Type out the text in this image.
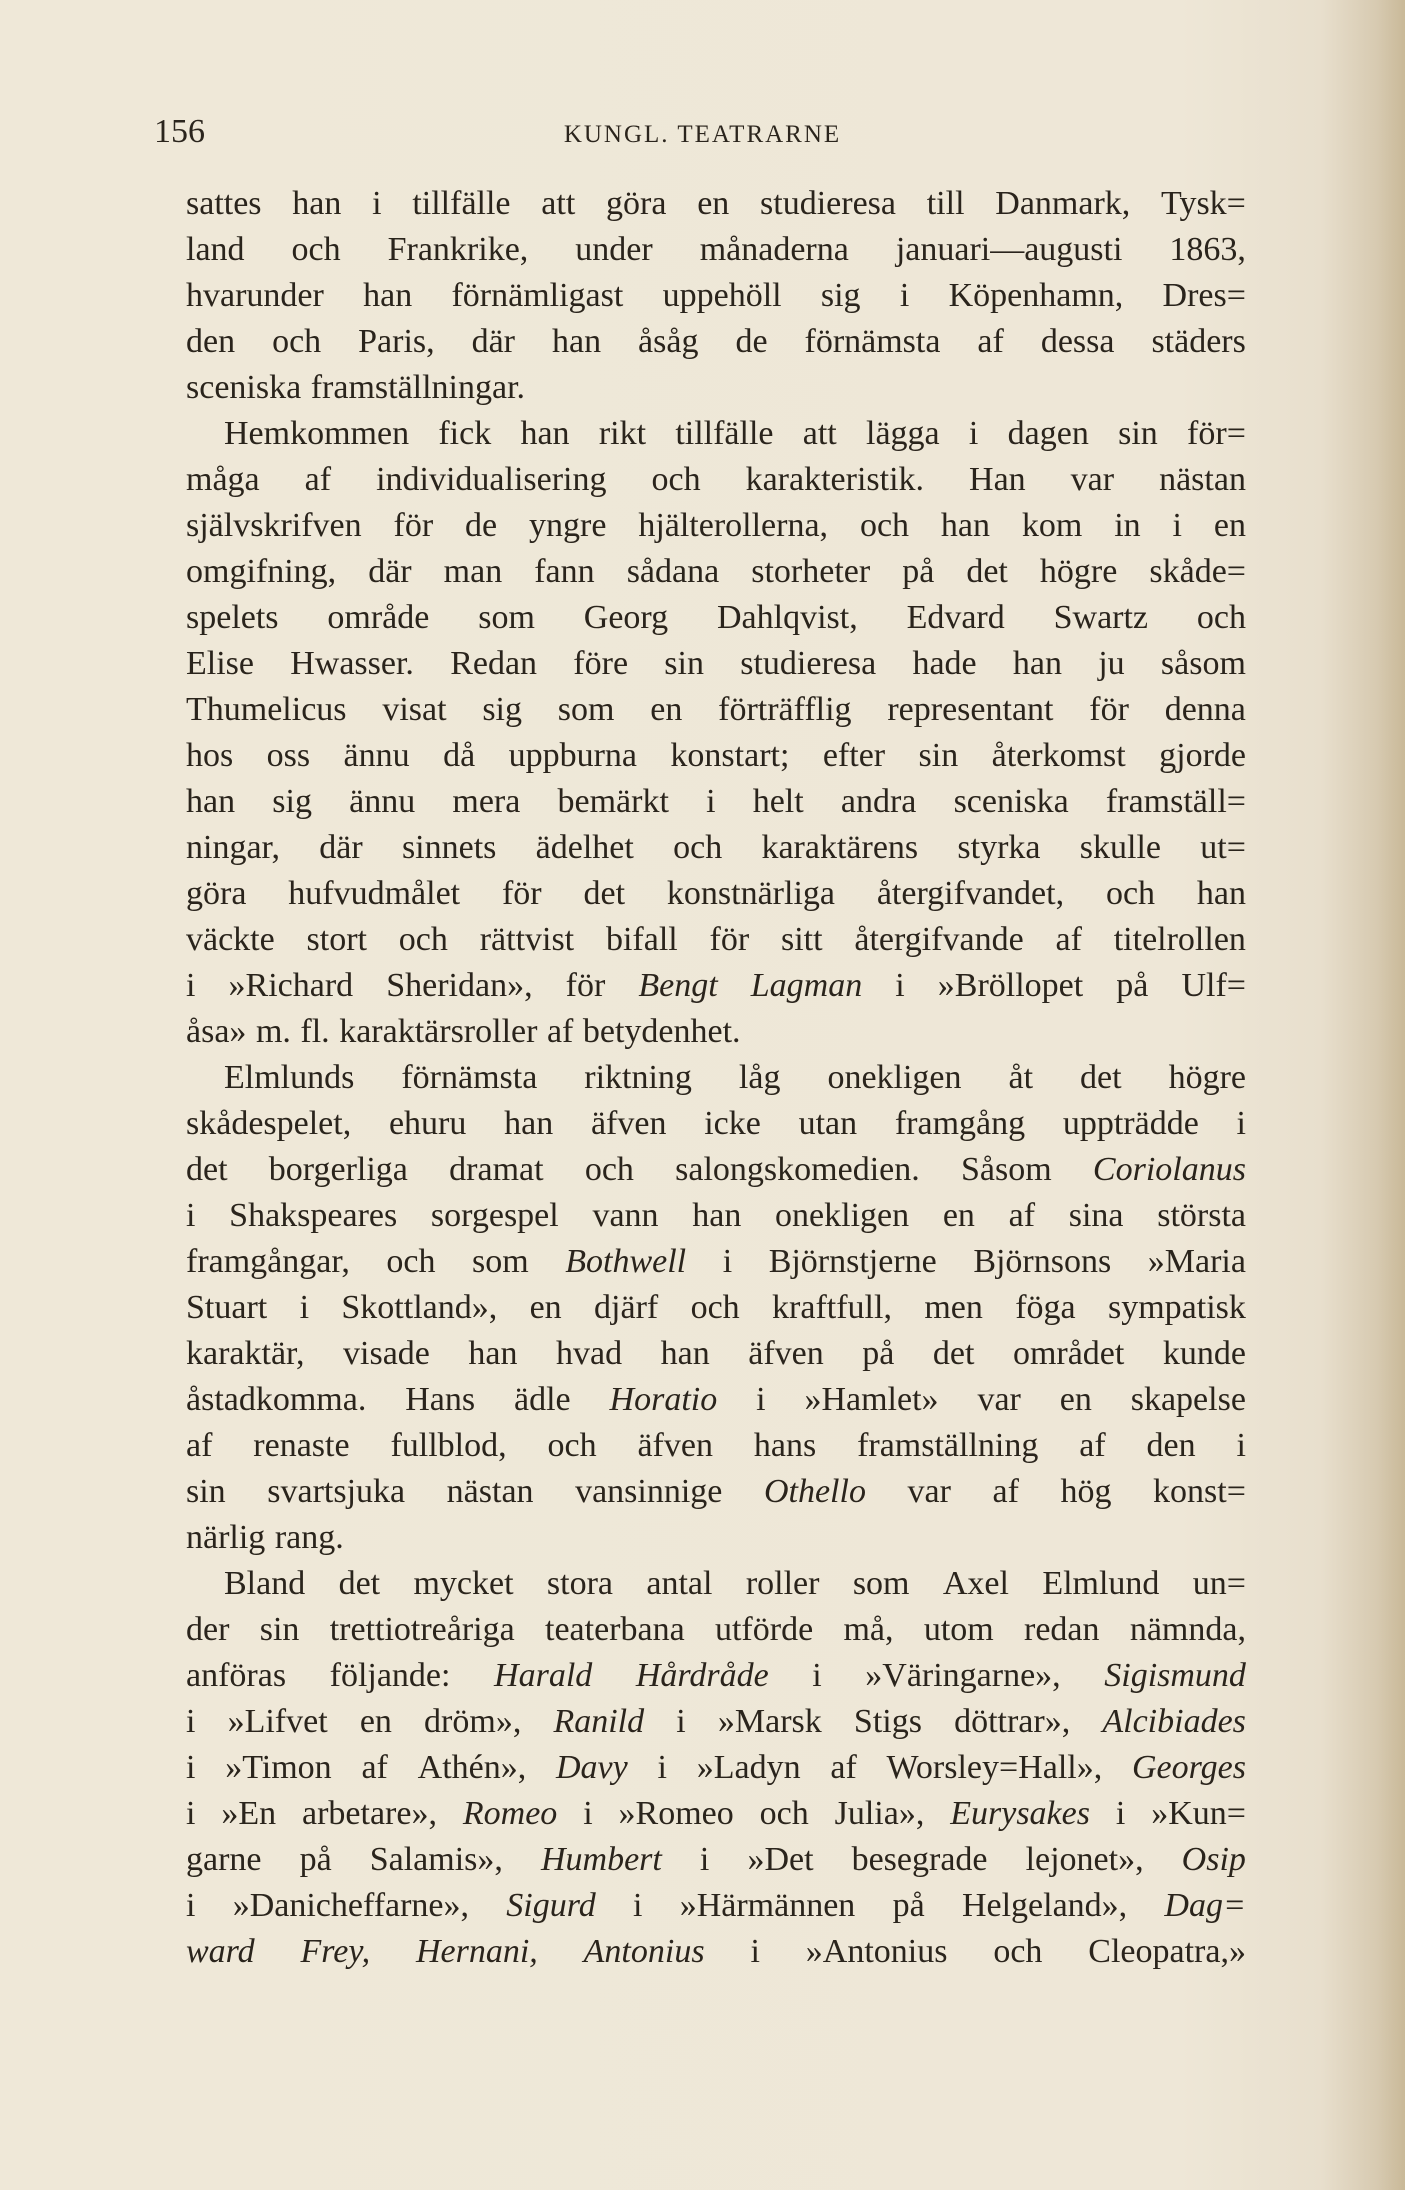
156	KUNGL. TEATRARNE
sattes han i tillfälle att göra en studieresa till Danmark, Tysk=
land och Frankrike, under månaderna januari—augusti 1863,
hvarunder han förnämligast uppehöll sig i Köpenhamn, Dres=
den och Paris, där han åsåg de förnämsta af dessa städers
sceniska framställningar.
Hemkommen fick han rikt tillfälle att lägga i dagen sin för=
måga af individualisering och karakteristik. Han var nästan
självskrifven för de yngre hjälterollerna, och han kom in i en
omgifning, där man fann sådana storheter på det högre skåde=
spelets område som Georg Dahlqvist, Edvard Swartz och
Elise Hwasser. Redan före sin studieresa hade han ju såsom
Thumelicus visat sig som en förträfflig representant för denna
hos oss ännu då uppburna konstart; efter sin återkomst gjorde
han sig ännu mera bemärkt i helt andra sceniska framställ=
ningar, där sinnets ädelhet och karaktärens styrka skulle ut=
göra hufvudmålet för det konstnärliga återgifvandet, och han
väckte stort och rättvist bifall för sitt återgifvande af titelrollen
i »Richard Sheridan», för Bengt Lagman i »Bröllopet på Ulf=
åsa» m. fl. karaktärsroller af betydenhet.
Elmlunds förnämsta riktning låg onekligen åt det högre
skådespelet, ehuru han äfven icke utan framgång uppträdde i
det borgerliga dramat och salongskomedien. Såsom Coriolanus
i Shakspeares sorgespel vann han onekligen en af sina största
framgångar, och som Bothwell i Björnstjerne Björnsons »Maria
Stuart i Skottland», en djärf och kraftfull, men föga sympatisk
karaktär, visade han hvad han äfven på det området kunde
åstadkomma. Hans ädle Horatio i »Hamlet» var en skapelse
af renaste fullblod, och äfven hans framställning af den i
sin svartsjuka nästan vansinnige Othello var af hög konst=
närlig rang.
Bland det mycket stora antal roller som Axel Elmlund un=
der sin trettiotreåriga teaterbana utförde må, utom redan nämnda,
anföras följande: Harald Hårdråde i »Väringarne», Sigismund
i »Lifvet en dröm», Ranild i »Marsk Stigs döttrar», Alcibiades
i »Timon af Athén», Davy i »Ladyn af Worsley=Hall», Georges
i »En arbetare», Romeo i »Romeo och Julia», Eurysakes i »Kun=
garne på Salamis», Humbert i »Det besegrade lejonet», Osip
i »Danicheffarne», Sigurd i »Härmännen på Helgeland», Dag=
ward Frey, Hernani, Antonius i »Antonius och Cleopatra,»
